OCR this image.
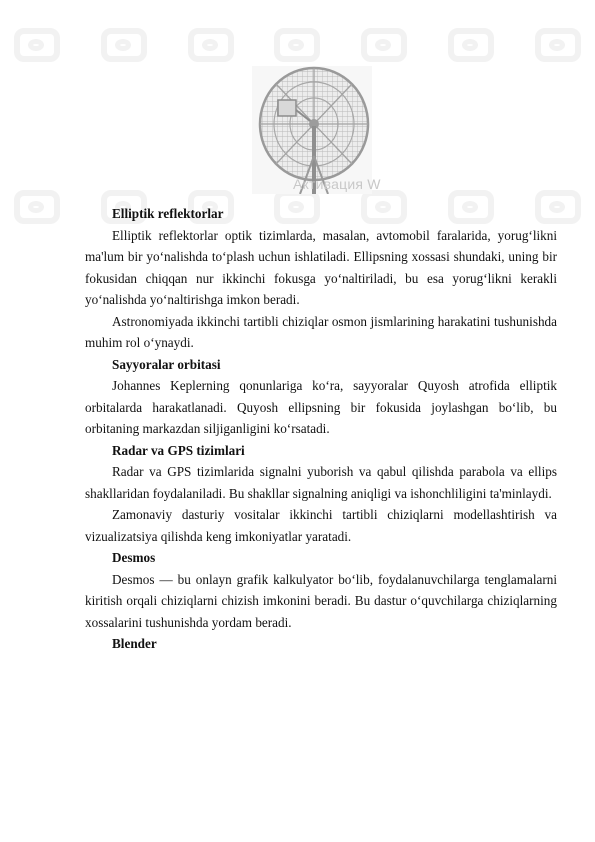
Активация W
Elliptik reflektorlar

Elliptik reflektorlar optik tizimlarda, masalan, avtomobil faralarida, yorug‘likni ma'lum bir yo‘nalishda to‘plash uchun ishlatiladi. Ellipsning xossasi shundaki, uning bir fokusidan chiqqan nur ikkinchi fokusga yo‘naltiriladi, bu esa yorug‘likni kerakli yo‘nalishda yo‘naltirishga imkon beradi.

Astronomiyada ikkinchi tartibli chiziqlar osmon jismlarining harakatini tushunishda muhim rol o‘ynaydi.

Sayyoralar orbitasi

Johannes Keplerning qonunlariga ko‘ra, sayyoralar Quyosh atrofida elliptik orbitalarda harakatlanadi. Quyosh ellipsning bir fokusida joylashgan bo‘lib, bu orbitaning markazdan siljiganligini ko‘rsatadi.

Radar va GPS tizimlari

Radar va GPS tizimlarida signalni yuborish va qabul qilishda parabola va ellips shakllaridan foydalaniladi. Bu shakllar signalning aniqligi va ishonchliligini ta'minlaydi.

Zamonaviy dasturiy vositalar ikkinchi tartibli chiziqlarni modellashtirish va vizualizatsiya qilishda keng imkoniyatlar yaratadi.

Desmos

Desmos — bu onlayn grafik kalkulyator bo‘lib, foydalanuvchilarga tenglamalarni kiritish orqali chiziqlarni chizish imkonini beradi. Bu dastur o‘quvchilarga chiziqlarning xossalarini tushunishda yordam beradi.

Blender
